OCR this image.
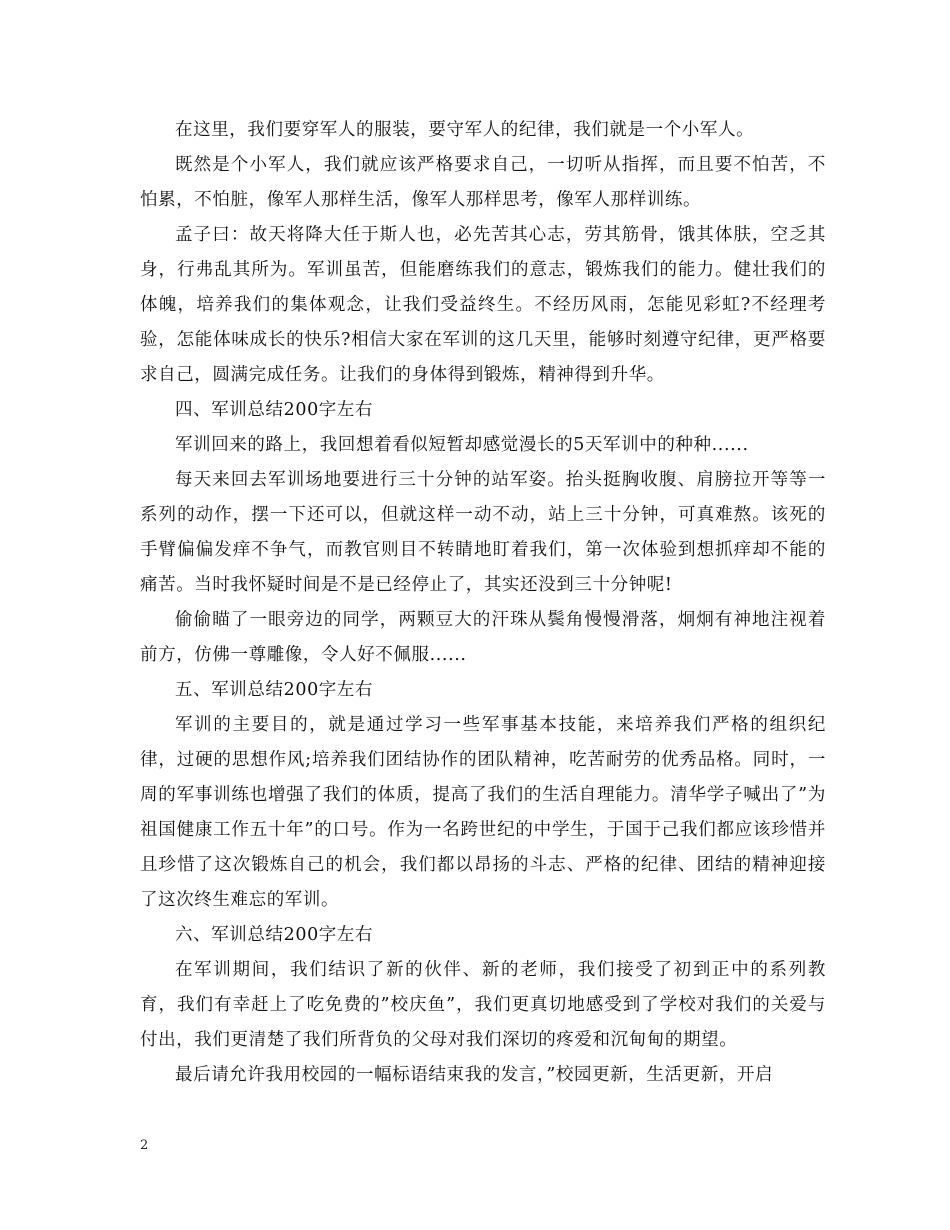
在这里，我们要穿军人的服装，要守军人的纪律，我们就是一个小军人。

既然是个小军人，我们就应该严格要求自己，一切听从指挥，而且要不怕苦，不怕累，不怕脏，像军人那样生活，像军人那样思考，像军人那样训练。

孟子曰：故天将降大任于斯人也，必先苦其心志，劳其筋骨，饿其体肤，空乏其身，行弗乱其所为。军训虽苦，但能磨练我们的意志，锻炼我们的能力。健壮我们的体魄，培养我们的集体观念，让我们受益终生。不经历风雨，怎能见彩虹?不经理考验，怎能体味成长的快乐?相信大家在军训的这几天里，能够时刻遵守纪律，更严格要求自己，圆满完成任务。让我们的身体得到锻炼，精神得到升华。

四、军训总结200字左右

军训回来的路上，我回想着看似短暂却感觉漫长的5天军训中的种种......

每天来回去军训场地要进行三十分钟的站军姿。抬头挺胸收腹、肩膀拉开等等一系列的动作，摆一下还可以，但就这样一动不动，站上三十分钟，可真难熬。该死的手臂偏偏发痒不争气，而教官则目不转睛地盯着我们，第一次体验到想抓痒却不能的痛苦。当时我怀疑时间是不是已经停止了，其实还没到三十分钟呢!

偷偷瞄了一眼旁边的同学，两颗豆大的汗珠从鬓角慢慢滑落，炯炯有神地注视着前方，仿佛一尊雕像，令人好不佩服......

五、军训总结200字左右

军训的主要目的，就是通过学习一些军事基本技能，来培养我们严格的组织纪律，过硬的思想作风;培养我们团结协作的团队精神，吃苦耐劳的优秀品格。同时，一周的军事训练也增强了我们的体质，提高了我们的生活自理能力。清华学子喊出了”为祖国健康工作五十年”的口号。作为一名跨世纪的中学生，于国于己我们都应该珍惜并且珍惜了这次锻炼自己的机会，我们都以昂扬的斗志、严格的纪律、团结的精神迎接了这次终生难忘的军训。

六、军训总结200字左右

在军训期间，我们结识了新的伙伴、新的老师，我们接受了初到正中的系列教育，我们有幸赶上了吃免费的”校庆鱼”，我们更真切地感受到了学校对我们的关爱与付出，我们更清楚了我们所背负的父母对我们深切的疼爱和沉甸甸的期望。

最后请允许我用校园的一幅标语结束我的发言，”校园更新，生活更新，开启

2
